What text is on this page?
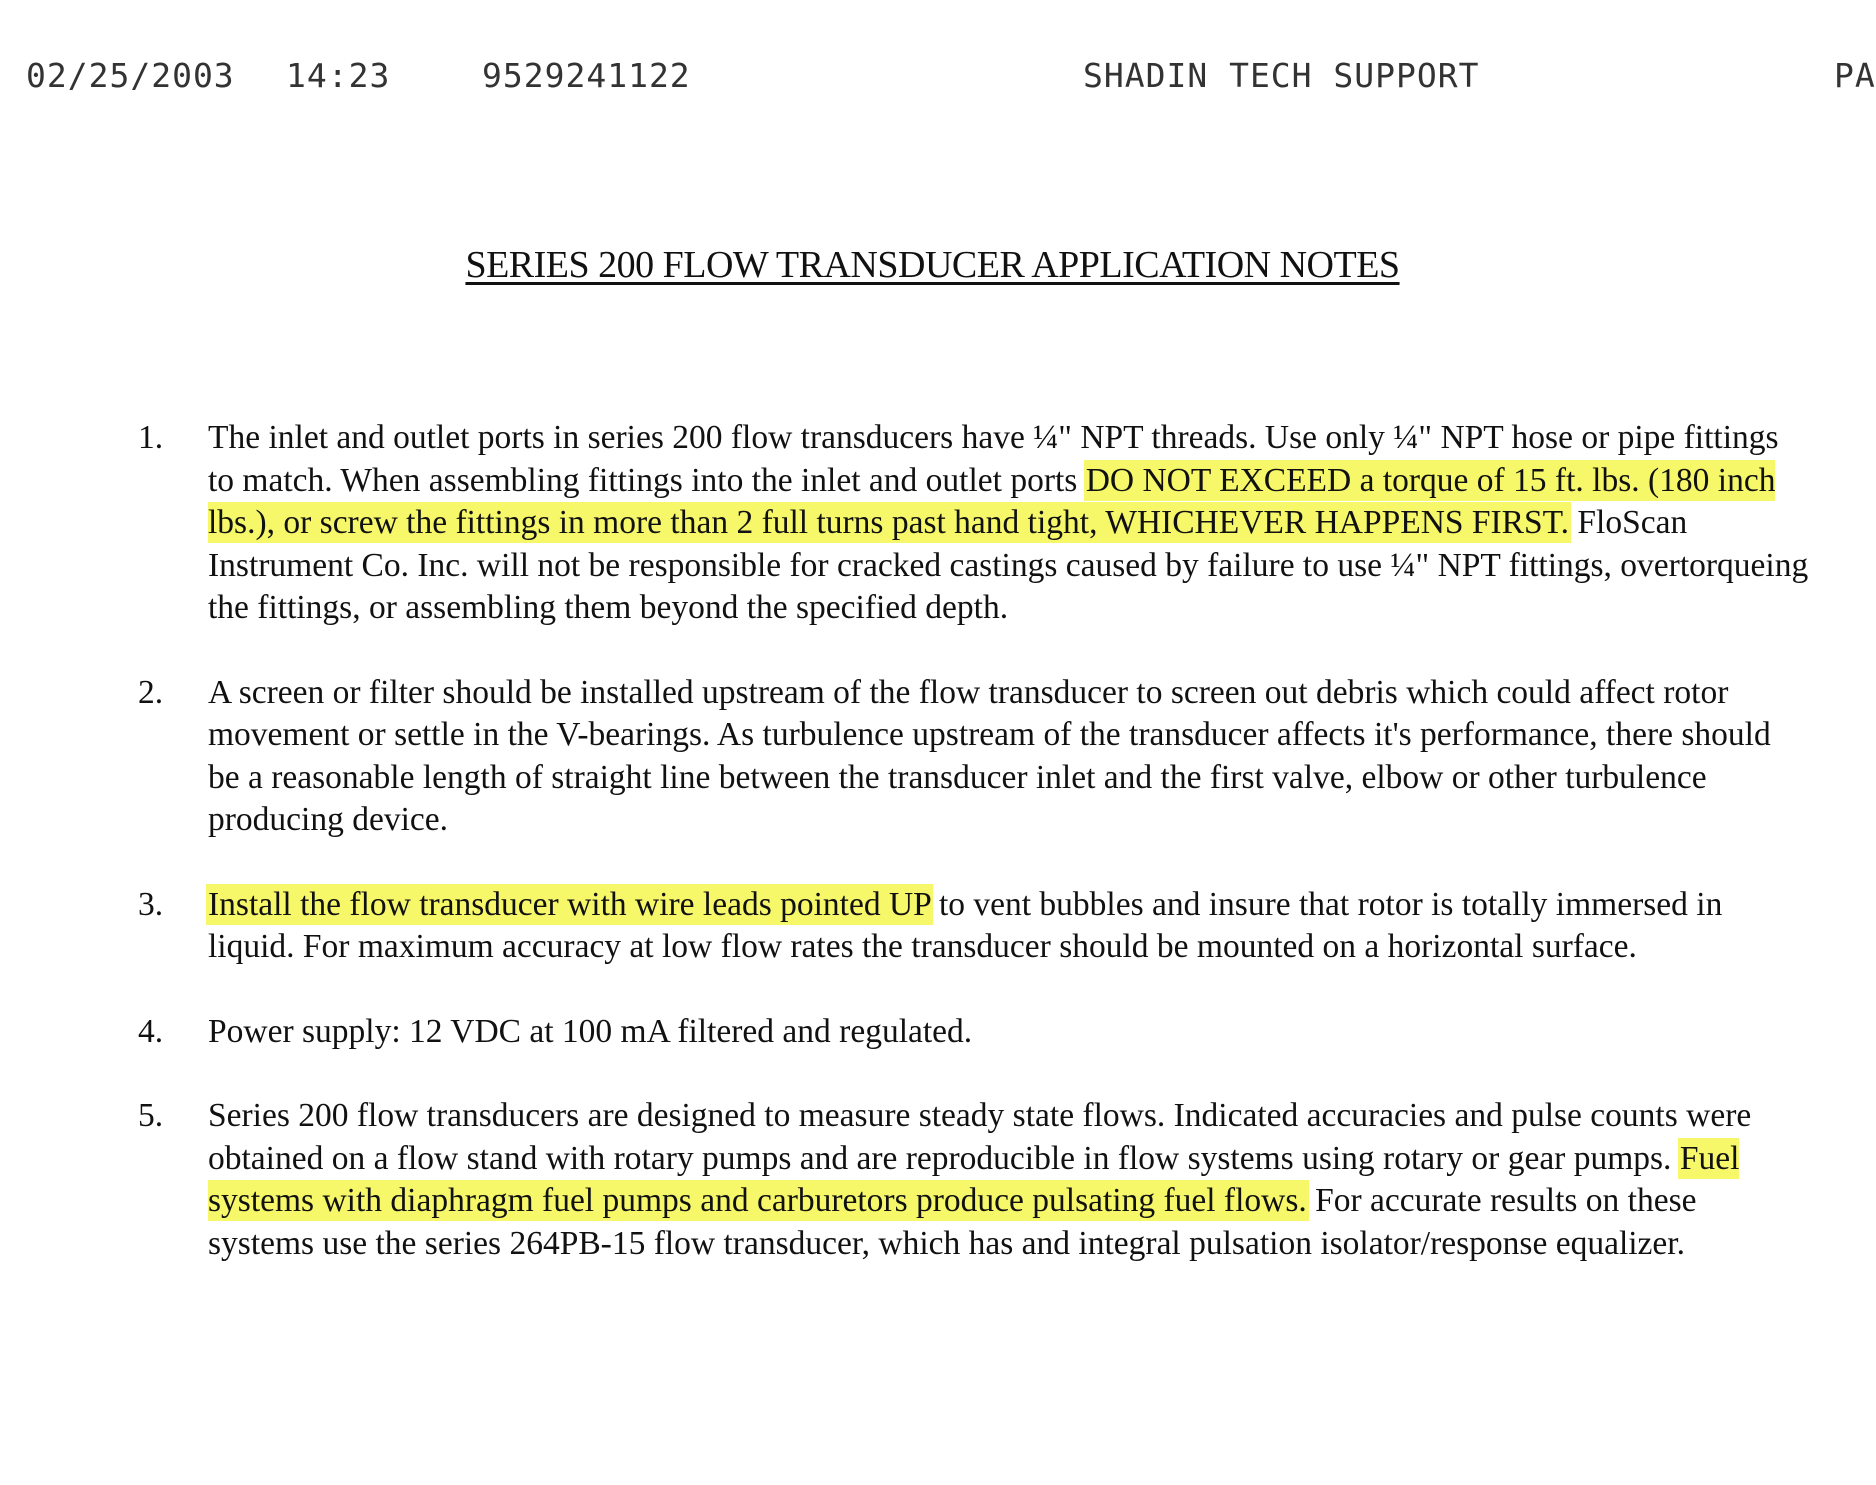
02/25/2003 14:23	9529241122	SHADIN TECH SUPPORT	PA
SERIES 200 FLOW TRANSDUCER APPLICATION NOTES
1. The inlet and outlet ports in series 200 flow transducers have ¼" NPT threads. Use only ¼" NPT hose or pipe fittings to match. When assembling fittings into the inlet and outlet ports DO NOT EXCEED a torque of 15 ft. lbs. (180 inch lbs.), or screw the fittings in more than 2 full turns past hand tight, WHICHEVER HAPPENS FIRST. FloScan Instrument Co. Inc. will not be responsible for cracked castings caused by failure to use ¼" NPT fittings, overtorqueing the fittings, or assembling them beyond the specified depth.
2. A screen or filter should be installed upstream of the flow transducer to screen out debris which could affect rotor movement or settle in the V-bearings. As turbulence upstream of the transducer affects it's performance, there should be a reasonable length of straight line between the transducer inlet and the first valve, elbow or other turbulence producing device.
3. Install the flow transducer with wire leads pointed UP to vent bubbles and insure that rotor is totally immersed in liquid. For maximum accuracy at low flow rates the transducer should be mounted on a horizontal surface.
4. Power supply: 12 VDC at 100 mA filtered and regulated.
5. Series 200 flow transducers are designed to measure steady state flows. Indicated accuracies and pulse counts were obtained on a flow stand with rotary pumps and are reproducible in flow systems using rotary or gear pumps. Fuel systems with diaphragm fuel pumps and carburetors produce pulsating fuel flows. For accurate results on these systems use the series 264PB-15 flow transducer, which has and integral pulsation isolator/response equalizer.
